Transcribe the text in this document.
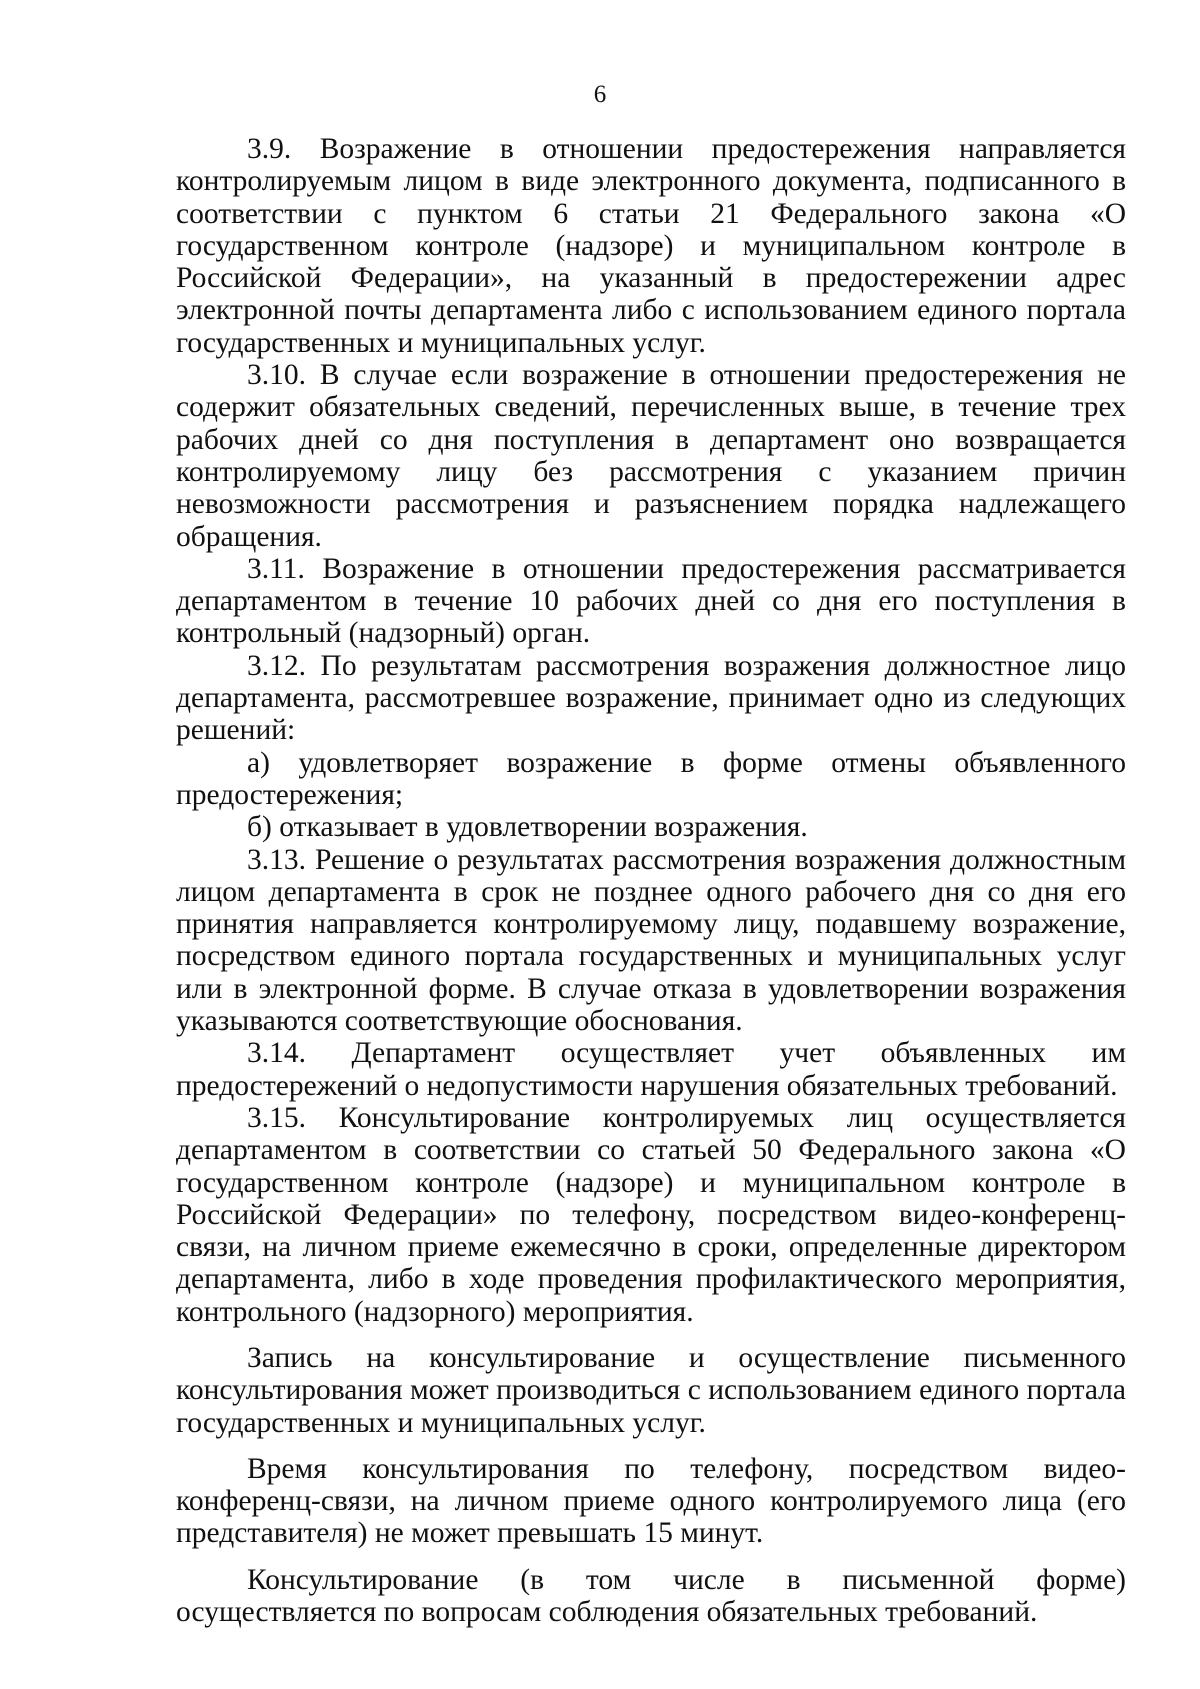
6

3.9. Возражение в отношении предостережения направляется контролируемым лицом в виде электронного документа, подписанного в соответствии с пунктом 6 статьи 21 Федерального закона «О государственном контроле (надзоре) и муниципальном контроле в Российской Федерации», на указанный в предостережении адрес электронной почты департамента либо с использованием единого портала государственных и муниципальных услуг.

3.10. В случае если возражение в отношении предостережения не содержит обязательных сведений, перечисленных выше, в течение трех рабочих дней со дня поступления в департамент оно возвращается контролируемому лицу без рассмотрения с указанием причин невозможности рассмотрения и разъяснением порядка надлежащего обращения.

3.11. Возражение в отношении предостережения рассматривается департаментом в течение 10 рабочих дней со дня его поступления в контрольный (надзорный) орган.

3.12. По результатам рассмотрения возражения должностное лицо департамента, рассмотревшее возражение, принимает одно из следующих решений:

а) удовлетворяет возражение в форме отмены объявленного предостережения;

б) отказывает в удовлетворении возражения.

3.13. Решение о результатах рассмотрения возражения должностным лицом департамента в срок не позднее одного рабочего дня со дня его принятия направляется контролируемому лицу, подавшему возражение, посредством единого портала государственных и муниципальных услуг или в электронной форме. В случае отказа в удовлетворении возражения указываются соответствующие обоснования.

3.14. Департамент осуществляет учет объявленных им предостережений о недопустимости нарушения обязательных требований.

3.15. Консультирование контролируемых лиц осуществляется департаментом в соответствии со статьей 50 Федерального закона «О государственном контроле (надзоре) и муниципальном контроле в Российской Федерации» по телефону, посредством видео-конференц-связи, на личном приеме ежемесячно в сроки, определенные директором департамента, либо в ходе проведения профилактического мероприятия, контрольного (надзорного) мероприятия.

Запись на консультирование и осуществление письменного консультирования может производиться с использованием единого портала государственных и муниципальных услуг.

Время консультирования по телефону, посредством видео-конференц-связи, на личном приеме одного контролируемого лица (его представителя) не может превышать 15 минут.

Консультирование (в том числе в письменной форме) осуществляется по вопросам соблюдения обязательных требований.
